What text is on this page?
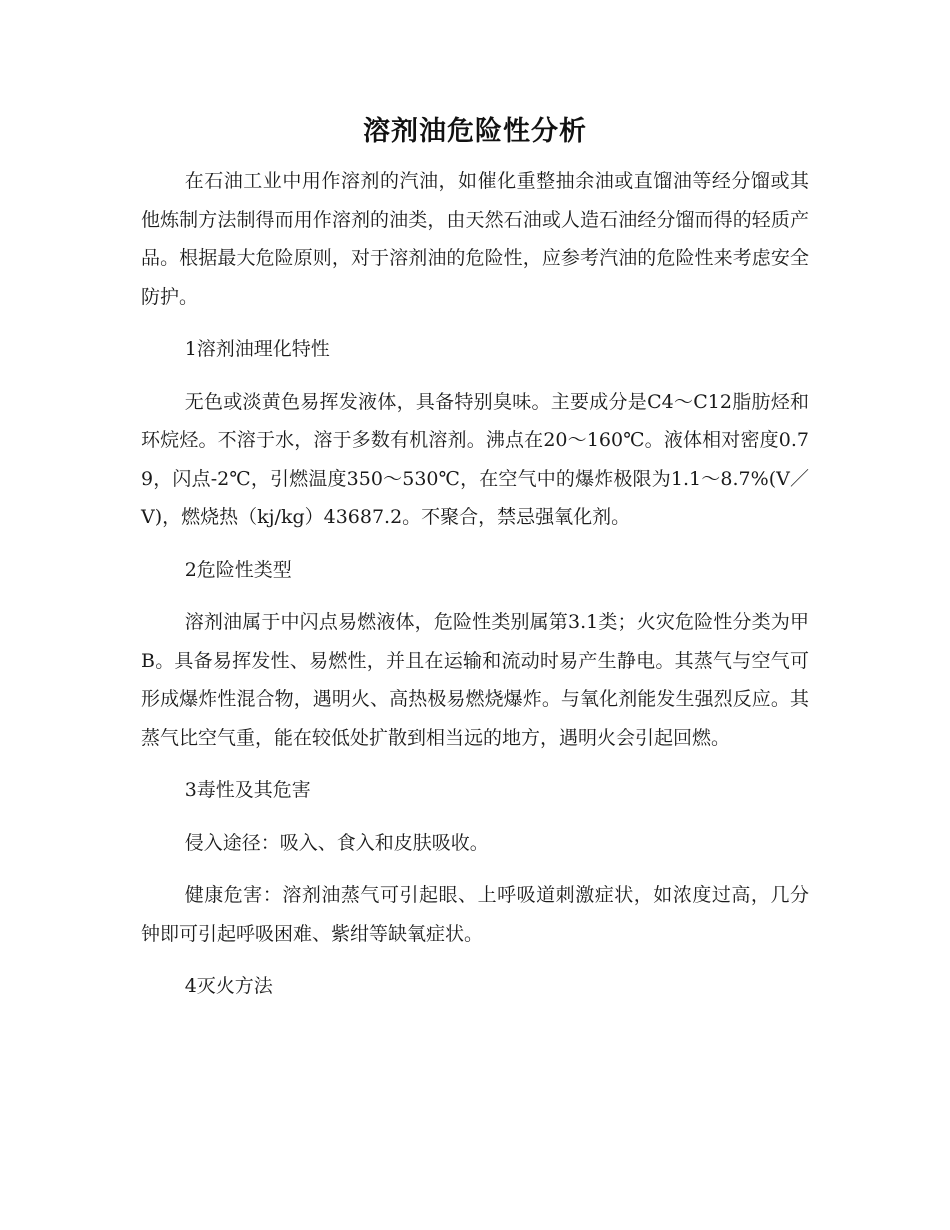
溶剂油危险性分析

在石油工业中用作溶剂的汽油，如催化重整抽余油或直馏油等经分馏或其他炼制方法制得而用作溶剂的油类，由天然石油或人造石油经分馏而得的轻质产品。根据最大危险原则，对于溶剂油的危险性，应参考汽油的危险性来考虑安全防护。

1溶剂油理化特性

无色或淡黄色易挥发液体，具备特别臭味。主要成分是C4～C12脂肪烃和环烷烃。不溶于水，溶于多数有机溶剂。沸点在20～160℃。液体相对密度0.79，闪点-2℃，引燃温度350～530℃，在空气中的爆炸极限为1.1～8.7%(V／V)，燃烧热（kj/kg）43687.2。不聚合，禁忌强氧化剂。

2危险性类型

溶剂油属于中闪点易燃液体，危险性类别属第3.1类；火灾危险性分类为甲B。具备易挥发性、易燃性，并且在运输和流动时易产生静电。其蒸气与空气可形成爆炸性混合物，遇明火、高热极易燃烧爆炸。与氧化剂能发生强烈反应。其蒸气比空气重，能在较低处扩散到相当远的地方，遇明火会引起回燃。

3毒性及其危害

侵入途径：吸入、食入和皮肤吸收。

健康危害：溶剂油蒸气可引起眼、上呼吸道刺激症状，如浓度过高，几分钟即可引起呼吸困难、紫绀等缺氧症状。

4灭火方法
